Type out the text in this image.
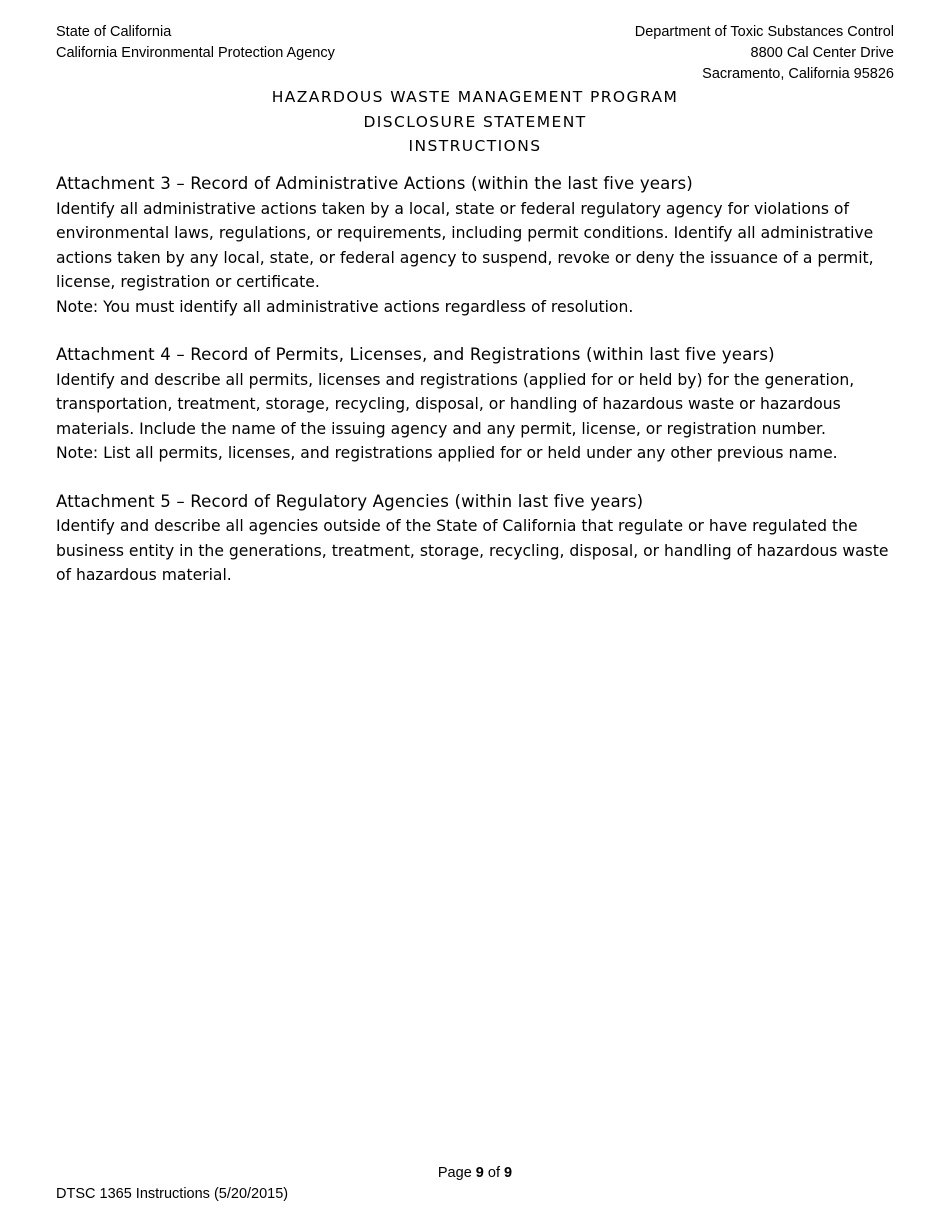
State of California
California Environmental Protection Agency
Department of Toxic Substances Control
8800 Cal Center Drive
Sacramento, California 95826
HAZARDOUS WASTE MANAGEMENT PROGRAM
DISCLOSURE STATEMENT
INSTRUCTIONS
Attachment 3 – Record of Administrative Actions (within the last five years)

Identify all administrative actions taken by a local, state or federal regulatory agency for violations of environmental laws, regulations, or requirements, including permit conditions. Identify all administrative actions taken by any local, state, or federal agency to suspend, revoke or deny the issuance of a permit, license, registration or certificate.

Note: You must identify all administrative actions regardless of resolution.

Attachment 4 – Record of Permits, Licenses, and Registrations (within last five years)

Identify and describe all permits, licenses and registrations (applied for or held by) for the generation, transportation, treatment, storage, recycling, disposal, or handling of hazardous waste or hazardous materials. Include the name of the issuing agency and any permit, license, or registration number.

Note: List all permits, licenses, and registrations applied for or held under any other previous name.

Attachment 5 – Record of Regulatory Agencies (within last five years)

Identify and describe all agencies outside of the State of California that regulate or have regulated the business entity in the generations, treatment, storage, recycling, disposal, or handling of hazardous waste of hazardous material.

Page 9 of 9
DTSC 1365 Instructions (5/20/2015)
